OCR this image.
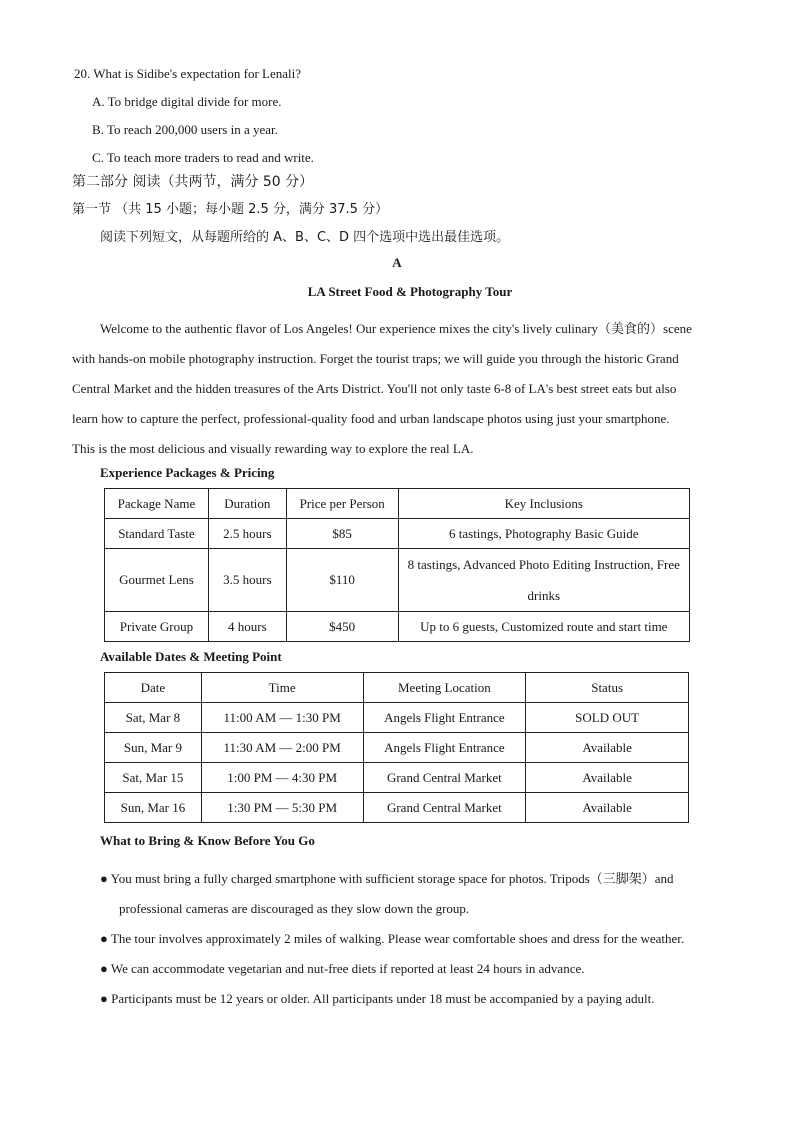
20. What is Sidibe's expectation for Lenali?
A. To bridge digital divide for more.
B. To reach 200,000 users in a year.
C. To teach more traders to read and write.
第二部分 阅读（共两节，满分 50 分）
第一节 （共 15 小题；每小题 2.5 分，满分 37.5 分）
阅读下列短文，从每题所给的 A、B、C、D 四个选项中选出最佳选项。
A
LA Street Food & Photography Tour

Welcome to the authentic flavor of Los Angeles! Our experience mixes the city's lively culinary（美食的）scene

with hands-on mobile photography instruction. Forget the tourist traps; we will guide you through the historic Grand

Central Market and the hidden treasures of the Arts District. You'll not only taste 6-8 of LA's best street eats but also

learn how to capture the perfect, professional-quality food and urban landscape photos using just your smartphone.

This is the most delicious and visually rewarding way to explore the real LA.

Experience Packages & Pricing
Package Name	Duration	Price per Person	Key Inclusions
Standard Taste	2.5 hours	$85	6 tastings, Photography Basic Guide
Gourmet Lens	3.5 hours	$110	8 tastings, Advanced Photo Editing Instruction, Free drinks
Private Group	4 hours	$450	Up to 6 guests, Customized route and start time
Available Dates & Meeting Point
Date	Time	Meeting Location	Status
Sat, Mar 8	11:00 AM — 1:30 PM	Angels Flight Entrance	SOLD OUT
Sun, Mar 9	11:30 AM — 2:00 PM	Angels Flight Entrance	Available
Sat, Mar 15	1:00 PM — 4:30 PM	Grand Central Market	Available
Sun, Mar 16	1:30 PM — 5:30 PM	Grand Central Market	Available
What to Bring & Know Before You Go
● You must bring a fully charged smartphone with sufficient storage space for photos. Tripods（三脚架）and
professional cameras are discouraged as they slow down the group.
● The tour involves approximately 2 miles of walking. Please wear comfortable shoes and dress for the weather.
● We can accommodate vegetarian and nut-free diets if reported at least 24 hours in advance.
● Participants must be 12 years or older. All participants under 18 must be accompanied by a paying adult.
